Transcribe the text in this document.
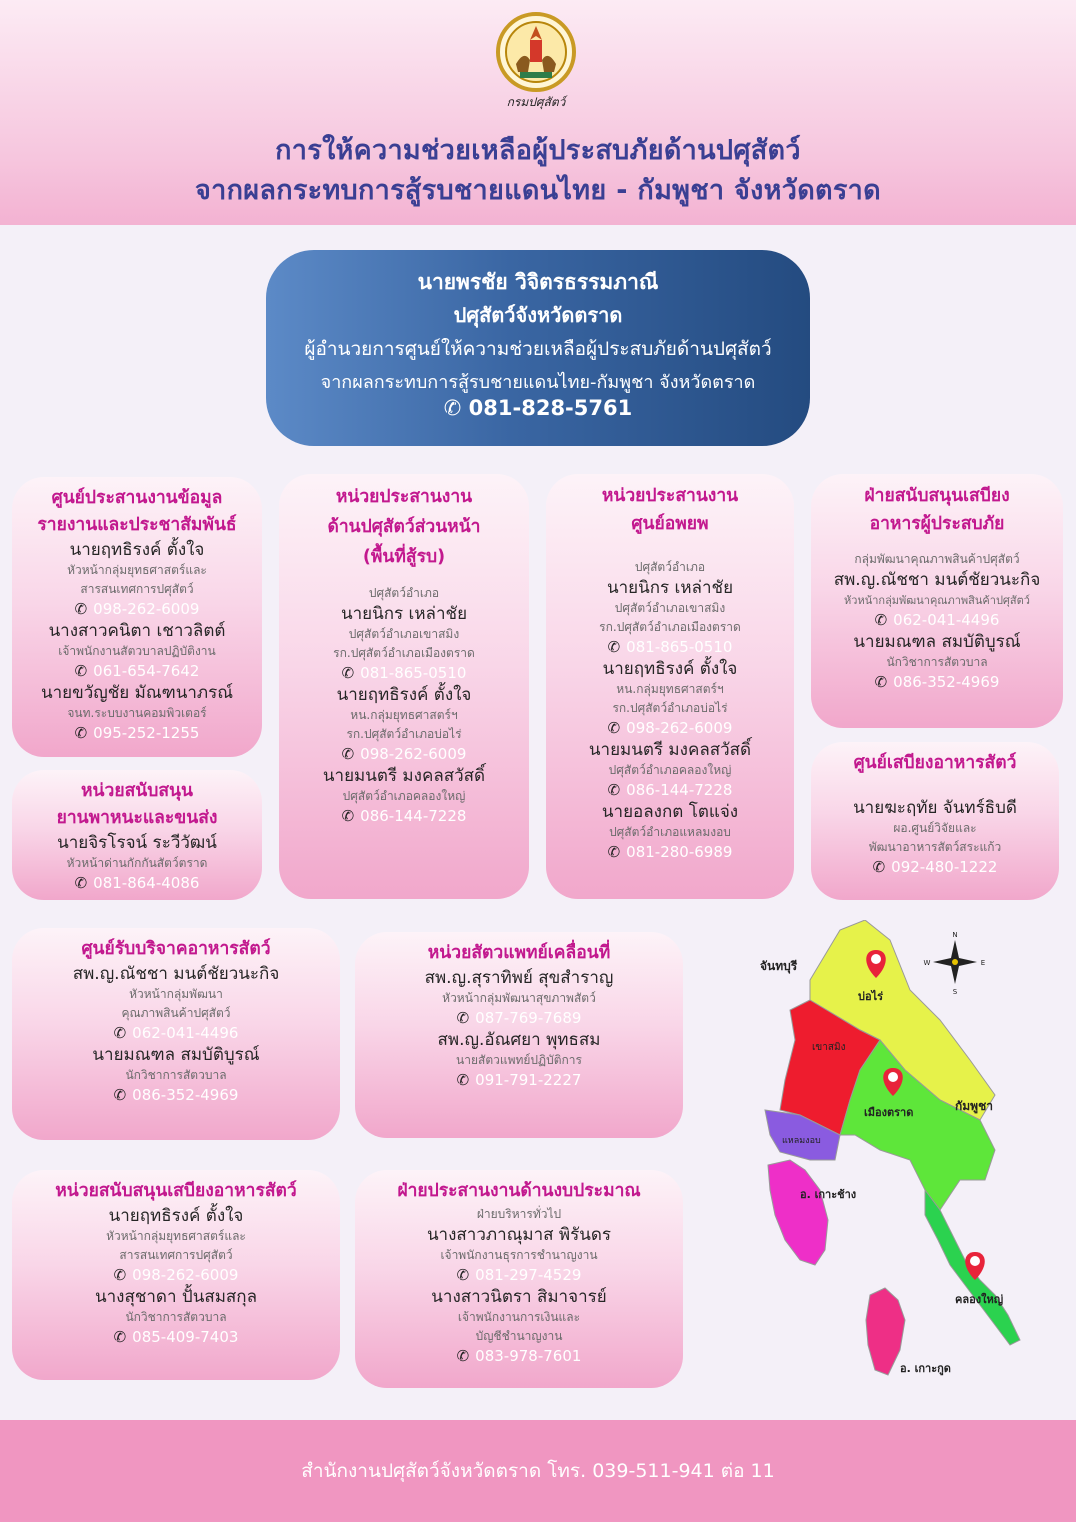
กรมปศุสัตว์
การให้ความช่วยเหลือผู้ประสบภัยด้านปศุสัตว์
จากผลกระทบการสู้รบชายแดนไทย - กัมพูชา จังหวัดตราด
นายพรชัย วิจิตรธรรมภาณี
ปศุสัตว์จังหวัดตราด
ผู้อำนวยการศูนย์ให้ความช่วยเหลือผู้ประสบภัยด้านปศุสัตว์
จากผลกระทบการสู้รบชายแดนไทย-กัมพูชา จังหวัดตราด
✆ 081-828-5761
ศูนย์ประสานงานข้อมูล
รายงานและประชาสัมพันธ์
นายฤทธิรงค์ ตั้งใจ
หัวหน้ากลุ่มยุทธศาสตร์และ
สารสนเทศการปศุสัตว์
✆ 098-262-6009
นางสาวคนิตา เชาวลิตต์
เจ้าพนักงานสัตวบาลปฏิบัติงาน
✆ 061-654-7642
นายขวัญชัย มัณฑนาภรณ์
จนท.ระบบงานคอมพิวเตอร์
✆ 095-252-1255
หน่วยสนับสนุน
ยานพาหนะและขนส่ง
นายจิรโรจน์ ระวีวัฒน์
หัวหน้าด่านกักกันสัตว์ตราด
✆ 081-864-4086
หน่วยประสานงาน
ด้านปศุสัตว์ส่วนหน้า
(พื้นที่สู้รบ)
ปศุสัตว์อำเภอ
นายนิกร เหล่าชัย
ปศุสัตว์อำเภอเขาสมิง
รก.ปศุสัตว์อำเภอเมืองตราด
✆ 081-865-0510
นายฤทธิรงค์ ตั้งใจ
หน.กลุ่มยุทธศาสตร์ฯ
รก.ปศุสัตว์อำเภอบ่อไร่
✆ 098-262-6009
นายมนตรี มงคลสวัสดิ์
ปศุสัตว์อำเภอคลองใหญ่
✆ 086-144-7228
หน่วยประสานงาน
ศูนย์อพยพ
ปศุสัตว์อำเภอ
นายนิกร เหล่าชัย
ปศุสัตว์อำเภอเขาสมิง
รก.ปศุสัตว์อำเภอเมืองตราด
✆ 081-865-0510
นายฤทธิรงค์ ตั้งใจ
หน.กลุ่มยุทธศาสตร์ฯ
รก.ปศุสัตว์อำเภอบ่อไร่
✆ 098-262-6009
นายมนตรี มงคลสวัสดิ์
ปศุสัตว์อำเภอคลองใหญ่
✆ 086-144-7228
นายอลงกต โตแจ่ง
ปศุสัตว์อำเภอแหลมงอบ
✆ 081-280-6989
ฝ่ายสนับสนุนเสบียง
อาหารผู้ประสบภัย
กลุ่มพัฒนาคุณภาพสินค้าปศุสัตว์
สพ.ญ.ณัชชา มนต์ชัยวนะกิจ
หัวหน้ากลุ่มพัฒนาคุณภาพสินค้าปศุสัตว์
✆ 062-041-4496
นายมณฑล สมบัติบูรณ์
นักวิชาการสัตวบาล
✆ 086-352-4969
ศูนย์เสบียงอาหารสัตว์
นายฆะฤทัย จันทร์ธิบดี
ผอ.ศูนย์วิจัยและ
พัฒนาอาหารสัตว์สระแก้ว
✆ 092-480-1222
ศูนย์รับบริจาคอาหารสัตว์
สพ.ญ.ณัชชา มนต์ชัยวนะกิจ
หัวหน้ากลุ่มพัฒนา
คุณภาพสินค้าปศุสัตว์
✆ 062-041-4496
นายมณฑล สมบัติบูรณ์
นักวิชาการสัตวบาล
✆ 086-352-4969
หน่วยสัตวแพทย์เคลื่อนที่
สพ.ญ.สุราทิพย์ สุขสำราญ
หัวหน้ากลุ่มพัฒนาสุขภาพสัตว์
✆ 087-769-7689
สพ.ญ.อัณศยา พุทธสม
นายสัตวแพทย์ปฏิบัติการ
✆ 091-791-2227
หน่วยสนับสนุนเสบียงอาหารสัตว์
นายฤทธิรงค์ ตั้งใจ
หัวหน้ากลุ่มยุทธศาสตร์และ
สารสนเทศการปศุสัตว์
✆ 098-262-6009
นางสุชาดา ปั้นสมสกุล
นักวิชาการสัตวบาล
✆ 085-409-7403
ฝ่ายประสานงานด้านงบประมาณ
ฝ่ายบริหารทั่วไป
นางสาวภาณุมาส พิรันดร
เจ้าพนักงานธุรการชำนาญงาน
✆ 081-297-4529
นางสาวนิตรา สิมาจารย์
เจ้าพนักงานการเงินและ
บัญชีชำนาญงาน
✆ 083-978-7601
N
S
E
W
จันทบุรี
กัมพูชา
บ่อไร่
เขาสมิง
เมืองตราด
แหลมงอบ
อ. เกาะช้าง
คลองใหญ่
อ. เกาะกูด
สำนักงานปศุสัตว์จังหวัดตราด โทร. 039-511-941 ต่อ 11
